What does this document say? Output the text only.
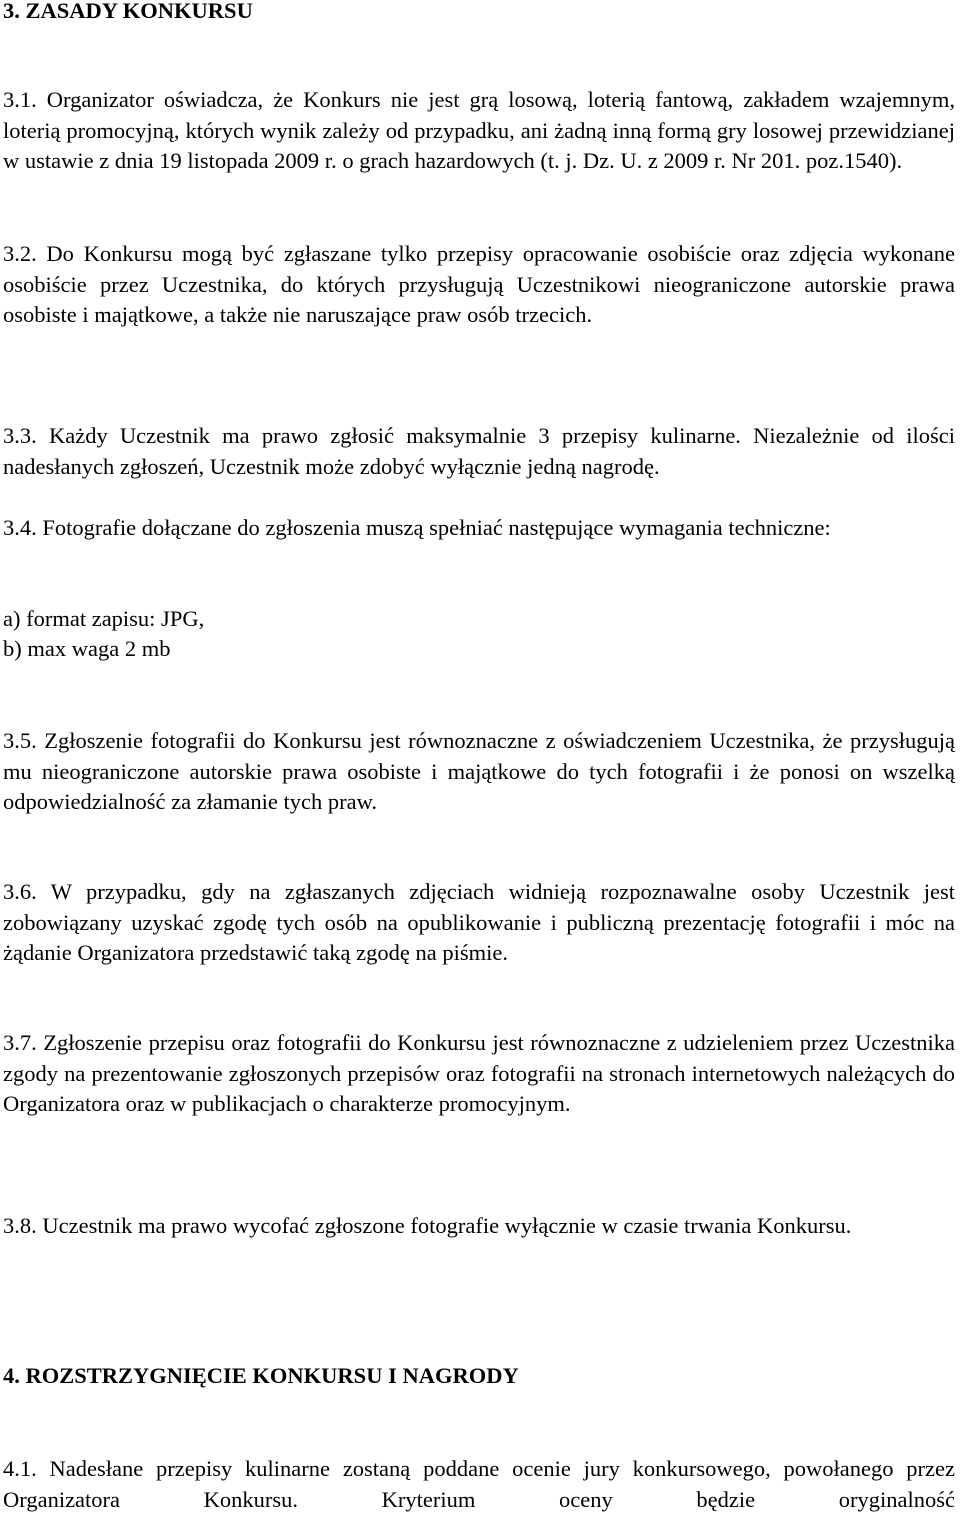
3. ZASADY KONKURSU
3.1. Organizator oświadcza, że Konkurs nie jest grą losową, loterią fantową, zakładem wzajemnym, loterią promocyjną, których wynik zależy od przypadku, ani żadną inną formą gry losowej przewidzianej w ustawie z dnia 19 listopada 2009 r. o grach hazardowych (t. j. Dz. U. z 2009 r. Nr 201. poz.1540).
3.2. Do Konkursu mogą być zgłaszane tylko przepisy opracowanie osobiście oraz zdjęcia wykonane osobiście przez Uczestnika, do których przysługują Uczestnikowi nieograniczone autorskie prawa osobiste i majątkowe, a także nie naruszające praw osób trzecich.
3.3. Każdy Uczestnik ma prawo zgłosić maksymalnie 3 przepisy kulinarne. Niezależnie od ilości nadesłanych zgłoszeń, Uczestnik może zdobyć wyłącznie jedną nagrodę.
3.4. Fotografie dołączane do zgłoszenia muszą spełniać następujące wymagania techniczne:
a) format zapisu: JPG,
b) max waga 2 mb
3.5. Zgłoszenie fotografii do Konkursu jest równoznaczne z oświadczeniem Uczestnika, że przysługują mu nieograniczone autorskie prawa osobiste i majątkowe do tych fotografii i że ponosi on wszelką odpowiedzialność za złamanie tych praw.
3.6. W przypadku, gdy na zgłaszanych zdjęciach widnieją rozpoznawalne osoby Uczestnik jest zobowiązany uzyskać zgodę tych osób na opublikowanie i publiczną prezentację fotografii i móc na żądanie Organizatora przedstawić taką zgodę na piśmie.
3.7. Zgłoszenie przepisu oraz fotografii do Konkursu jest równoznaczne z udzieleniem przez Uczestnika zgody na prezentowanie zgłoszonych przepisów oraz fotografii na stronach internetowych należących do Organizatora oraz w publikacjach o charakterze promocyjnym.
3.8. Uczestnik ma prawo wycofać zgłoszone fotografie wyłącznie w czasie trwania Konkursu.
4. ROZSTRZYGNIĘCIE KONKURSU I NAGRODY
4.1. Nadesłane przepisy kulinarne zostaną poddane ocenie jury konkursowego, powołanego przez Organizatora Konkursu. Kryterium oceny będzie oryginalność
